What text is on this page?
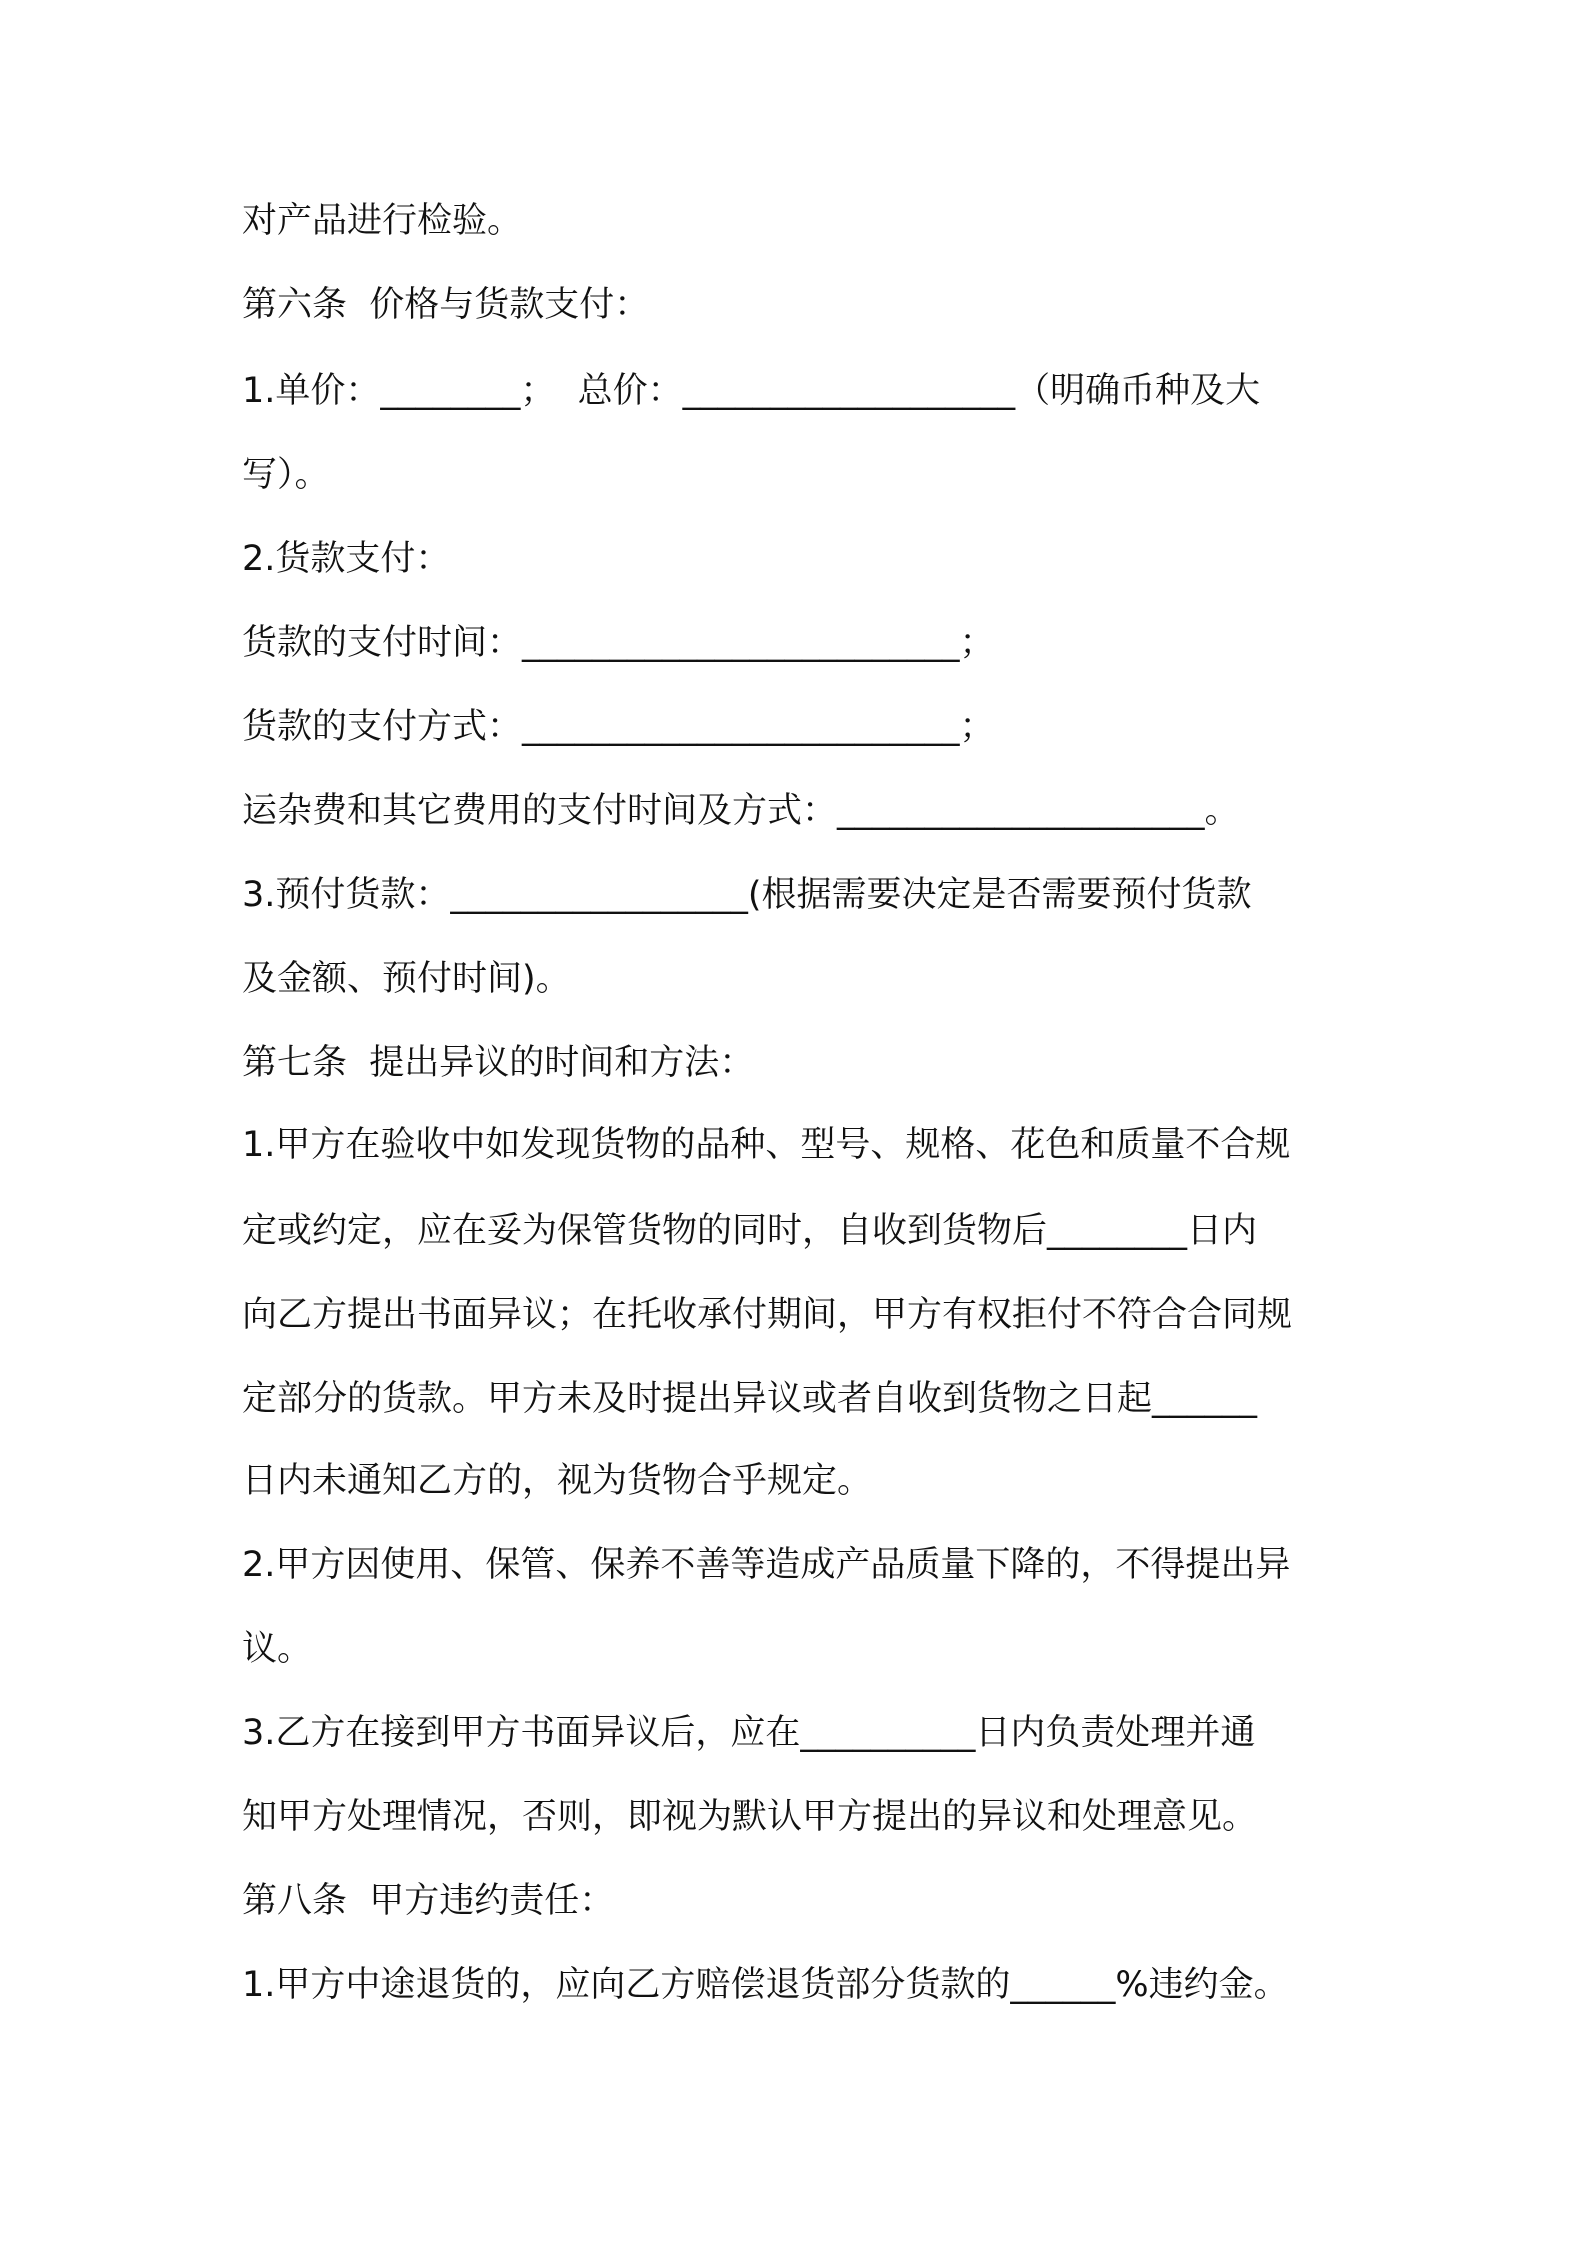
对产品进行检验。
第六条  价格与货款支付：
1.单价：________；  总价：___________________（明确币种及大
写）。
2.货款支付：
货款的支付时间：_________________________；
货款的支付方式：_________________________；
运杂费和其它费用的支付时间及方式：_____________________。
3.预付货款：_________________(根据需要决定是否需要预付货款
及金额、预付时间)。
第七条  提出异议的时间和方法：
1.甲方在验收中如发现货物的品种、型号、规格、花色和质量不合规
定或约定，应在妥为保管货物的同时，自收到货物后________日内
向乙方提出书面异议；在托收承付期间，甲方有权拒付不符合合同规
定部分的货款。甲方未及时提出异议或者自收到货物之日起______
日内未通知乙方的，视为货物合乎规定。
2.甲方因使用、保管、保养不善等造成产品质量下降的，不得提出异
议。
3.乙方在接到甲方书面异议后，应在__________日内负责处理并通
知甲方处理情况，否则，即视为默认甲方提出的异议和处理意见。
第八条  甲方违约责任：
1.甲方中途退货的，应向乙方赔偿退货部分货款的______%违约金。
